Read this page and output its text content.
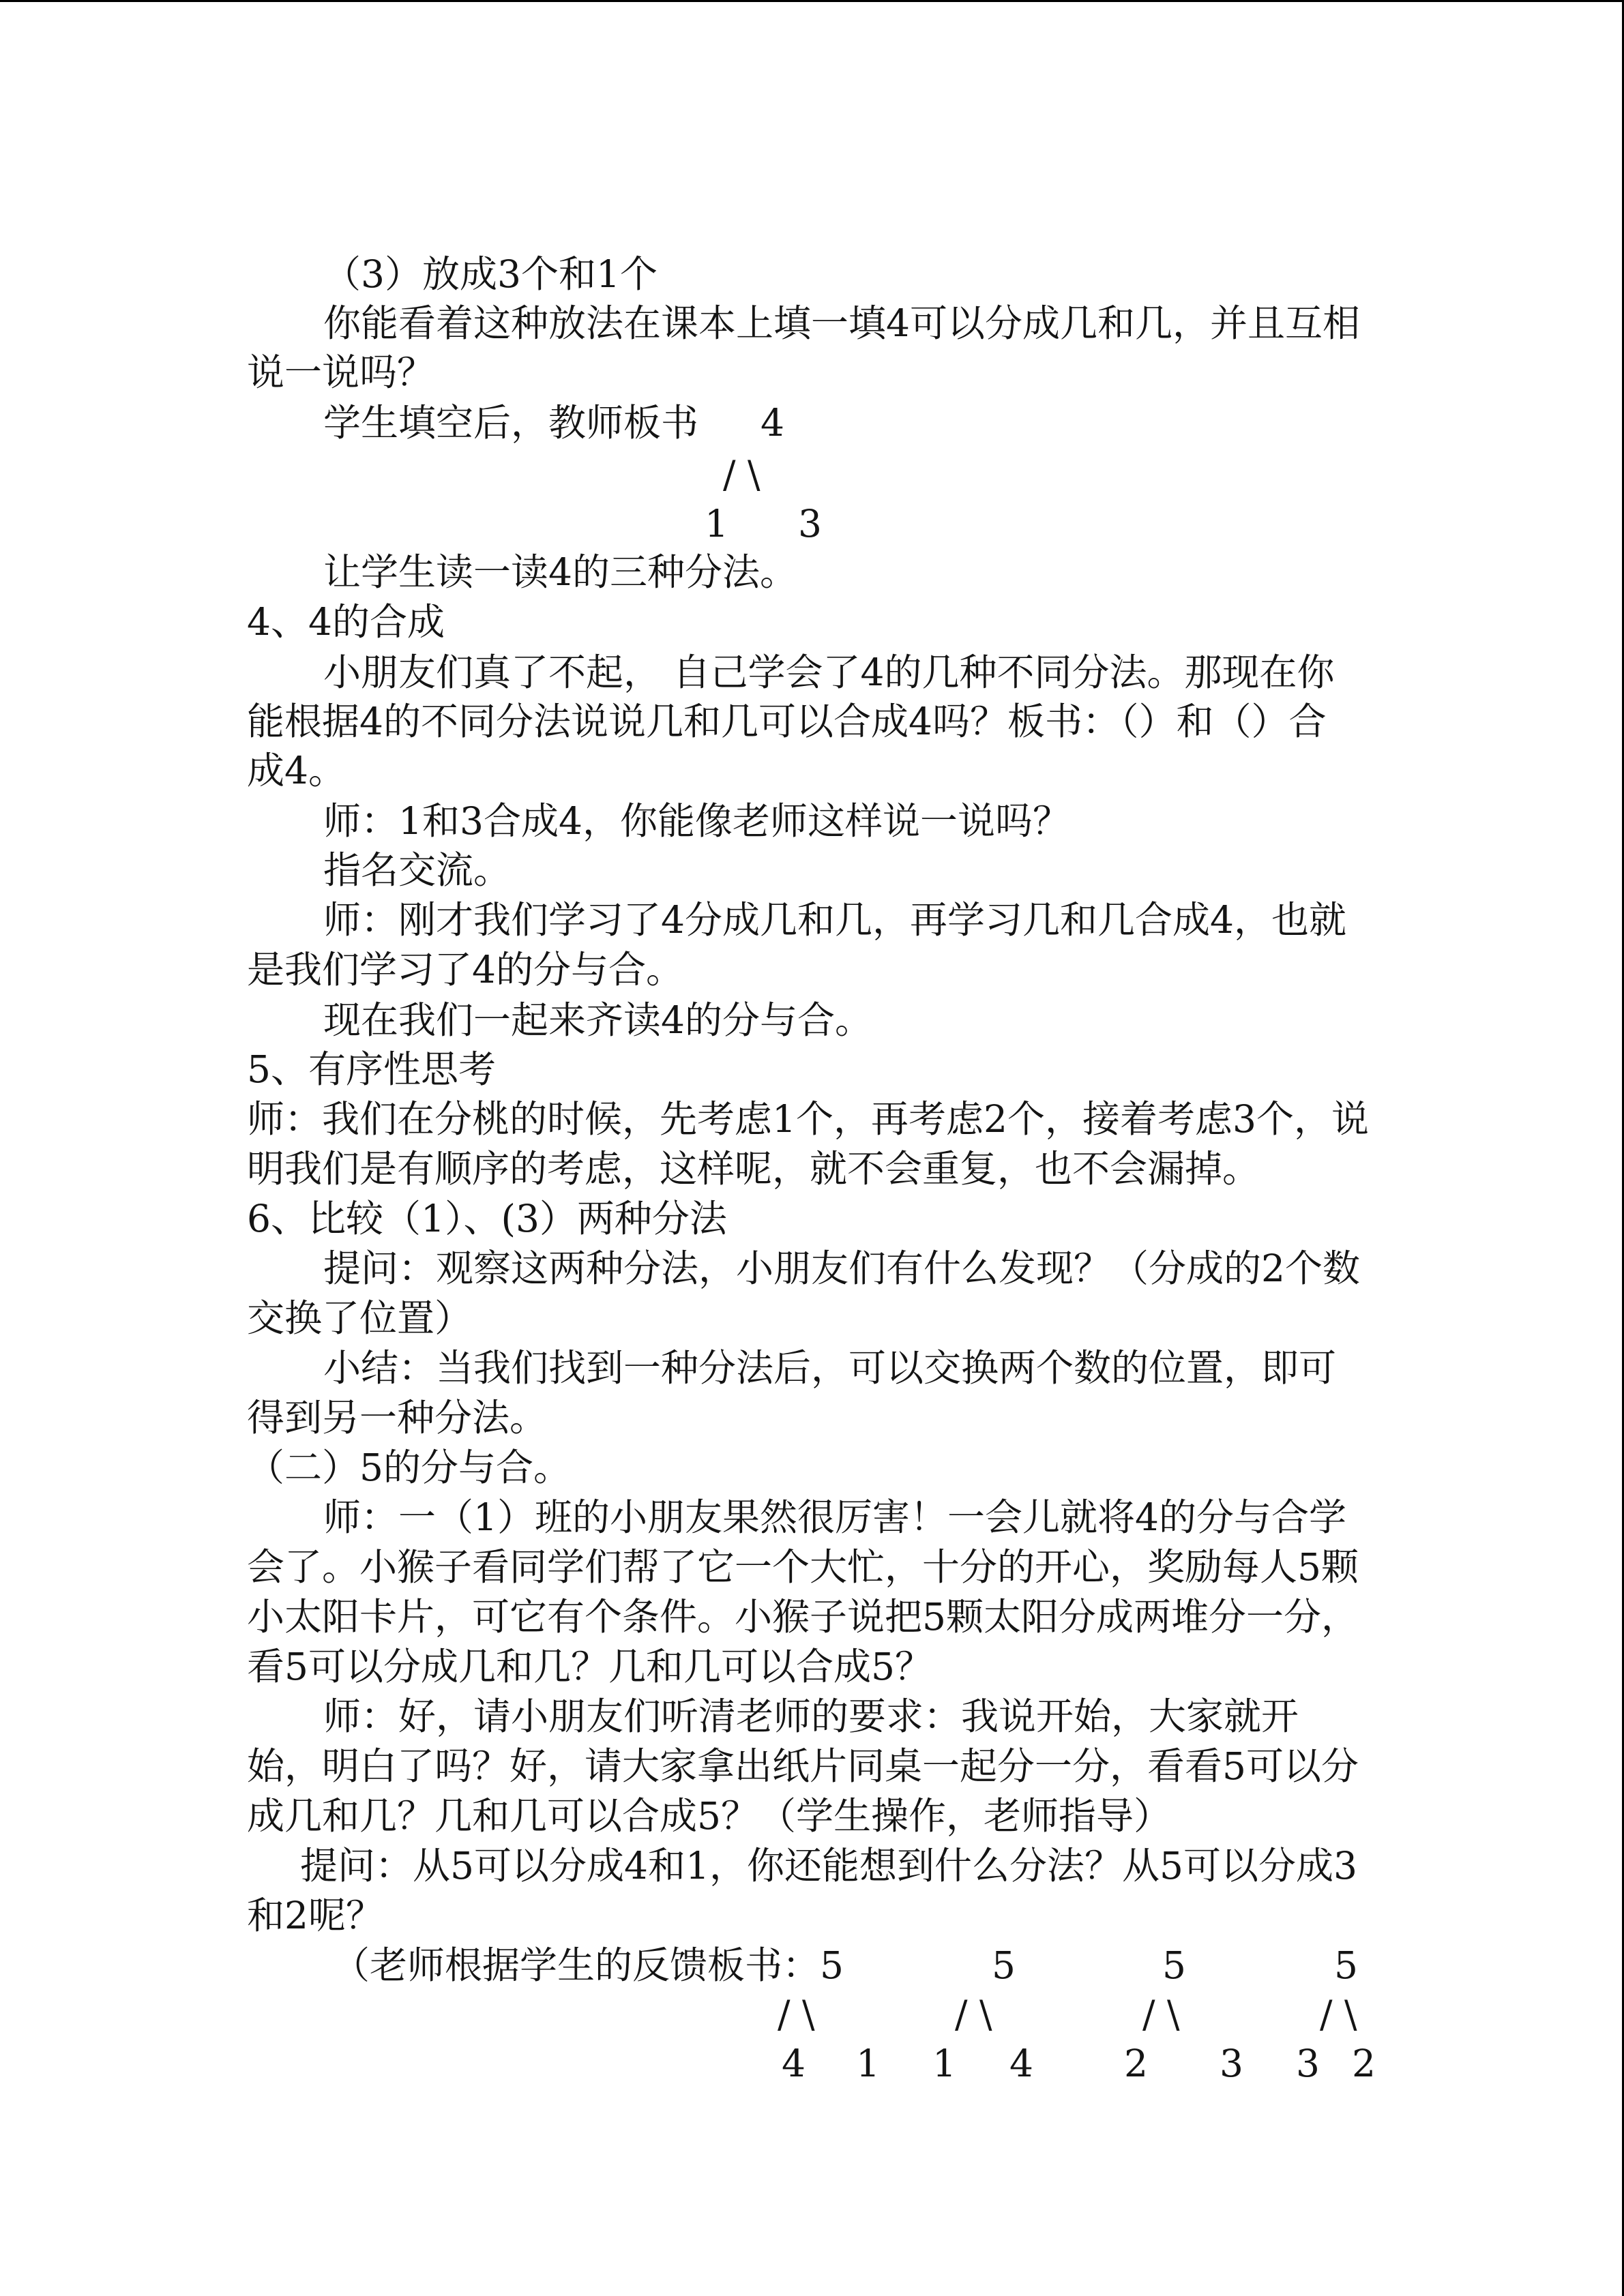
（3）放成3个和1个
你能看着这种放法在课本上填一填4可以分成几和几，并且互相
说一说吗？
学生填空后，教师板书 4
/ \
1 3
让学生读一读4的三种分法。
4、4的合成
小朋友们真了不起， 自己学会了4的几种不同分法。那现在你
能根据4的不同分法说说几和几可以合成4吗？板书：（）和（）合
成4。
师：1和3合成4，你能像老师这样说一说吗？
指名交流。
师：刚才我们学习了4分成几和几，再学习几和几合成4，也就
是我们学习了4的分与合。
现在我们一起来齐读4的分与合。
5、有序性思考
师：我们在分桃的时候，先考虑1个，再考虑2个，接着考虑3个，说
明我们是有顺序的考虑，这样呢，就不会重复，也不会漏掉。
6、比较（1）、(3）两种分法
提问：观察这两种分法，小朋友们有什么发现？（分成的2个数
交换了位置）
小结：当我们找到一种分法后，可以交换两个数的位置，即可
得到另一种分法。
（二）5的分与合。
师：一（1）班的小朋友果然很厉害！一会儿就将4的分与合学
会了。小猴子看同学们帮了它一个大忙，十分的开心，奖励每人5颗
小太阳卡片，可它有个条件。小猴子说把5颗太阳分成两堆分一分，
看5可以分成几和几？几和几可以合成5？
师：好，请小朋友们听清老师的要求：我说开始，大家就开
始，明白了吗？好，请大家拿出纸片同桌一起分一分，看看5可以分
成几和几？几和几可以合成5？（学生操作，老师指导）
提问：从5可以分成4和1，你还能想到什么分法？从5可以分成3
和2呢？
（老师根据学生的反馈板书：5
/ \
4 1
5
/ \
1 4
5
/ \
2 3
5
/ \
3 2
